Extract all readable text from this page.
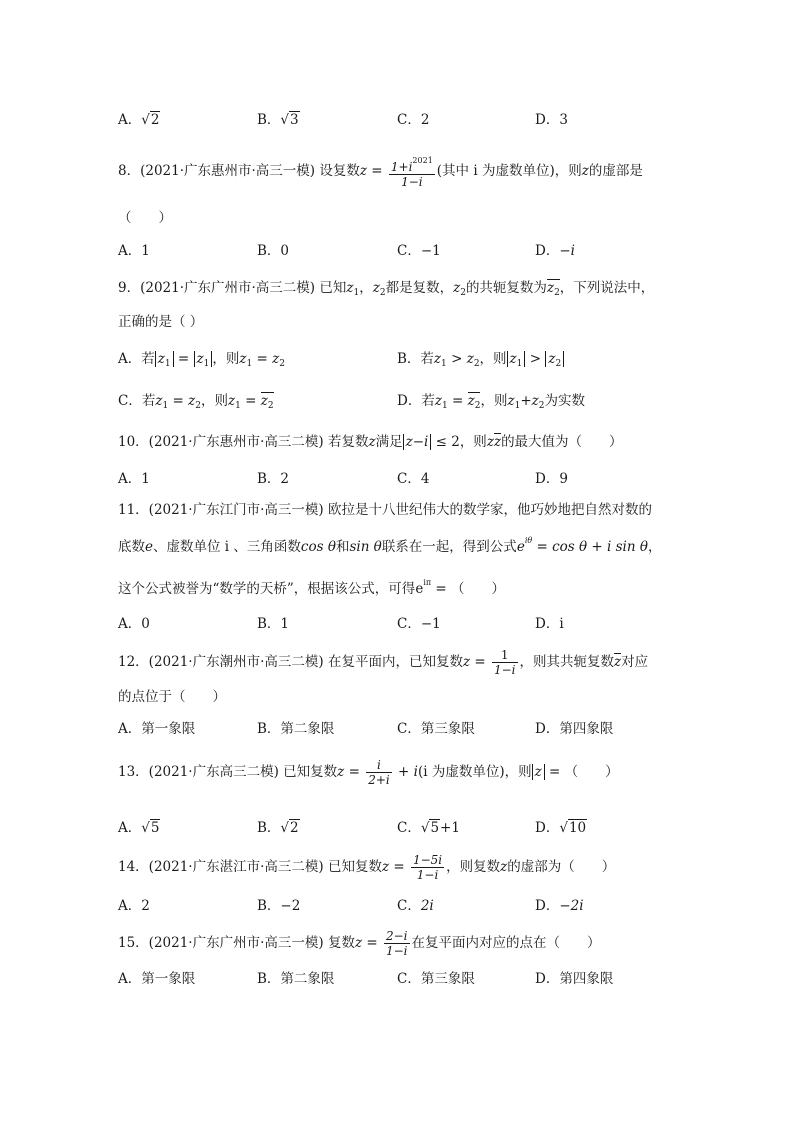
A．√2	B．√3	C．2	D．3
8．(2021·广东惠州市·高三一模) 设复数$z = \frac{1+i^{2021}}{1-i}$ (其中 i 为虚数单位)，则z的虚部是
（　　）
A．1	B．0	C．−1	D．−i
9．(2021·广东广州市·高三二模) 已知$z_1$，$z_2$都是复数，$z_2$的共轭复数为$z_2$，下列说法中，
正确的是（ ）
A．若 $z_1 = z_1$ ，则$z_1 = z_2$	B．若$z_1 > z_2$，则 $z_1 > z_2$
C．若$z_1 = z_2$，则$z_1 = z_2$	D．若$z_1 = z_2$，则$z_1+z_2$为实数
10．(2021·广东惠州市·高三二模) 若复数z满足 z−i ≤ 2，则zz的最大值为（　　）
A．1	B．2	C．4	D．9
11．(2021·广东江门市·高三一模) 欧拉是十八世纪伟大的数学家，他巧妙地把自然对数的
底数e、虚数单位 i 、三角函数cos θ和sin θ联系在一起，得到公式$e^{i\theta} = \cos \theta + i$ sin θ，
这个公式被誉为“数学的天桥”，根据该公式，可得$e^{i\pi}$ = （　　）
A．0	B．1	C．−1	D．i
12．(2021·广东潮州市·高三二模) 在复平面内，已知复数$z = \frac{1}{1-i}$ ，则其共轭复数z对应
的点位于（　　）
A．第一象限	B．第二象限	C．第三象限	D．第四象限
13．(2021·广东高三二模) 已知复数$z = \frac{i}{2+i} + i(i$ 为虚数单位)，则 z = （　　）
A．√5	B．√2	C．√5+1	D．√10
14．(2021·广东湛江市·高三二模) 已知复数$z = \frac{1-5i}{1-i}$ ，则复数z的虚部为（　　）
A．2	B．−2	C．2i	D．−2i
15．(2021·广东广州市·高三一模) 复数$z = \frac{2-i}{1-i}$ 在复平面内对应的点在（　　）
A．第一象限	B．第二象限	C．第三象限	D．第四象限
